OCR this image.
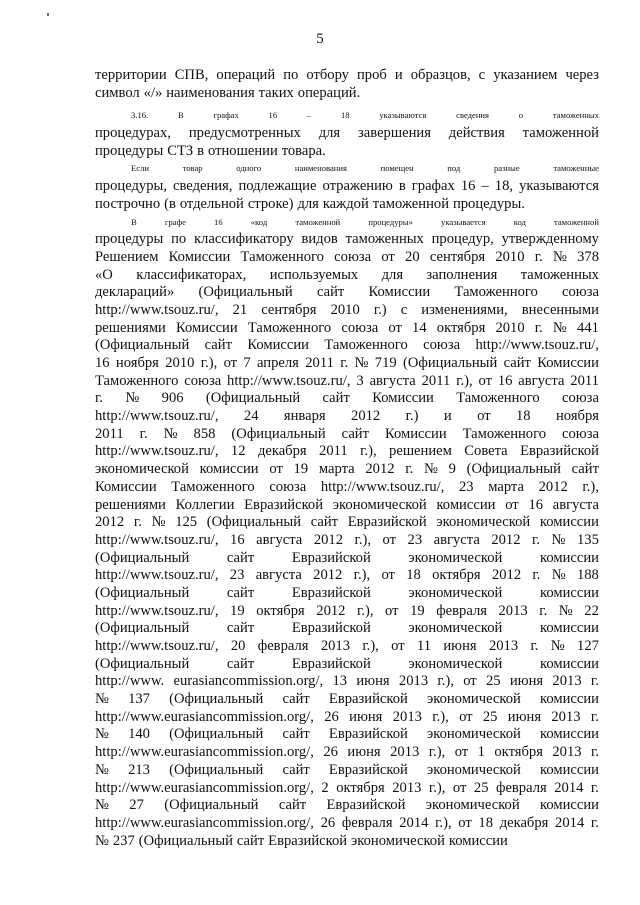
5

территории СПВ, операций по отбору проб и образцов, с указанием через
символ «/» наименования таких операций.

3.16.	В	графах	16	–	18	указываются	сведения	о	таможенных
процедурах, предусмотренных для завершения действия таможенной
процедуры СТЗ в отношении товара.

Если	товар	одного	наименования	помещен	под	разные	таможенные
процедуры, сведения, подлежащие отражению в графах 16 – 18, указываются
построчно (в отдельной строке) для каждой таможенной процедуры.

В	графе	16	«код	таможенной	процедуры»	указывается	код	таможенной
процедуры по классификатору видов таможенных процедур, утвержденному
Решением Комиссии Таможенного союза от 20 сентября 2010 г. № 378
«О классификаторах, используемых для заполнения таможенных
деклараций» (Официальный сайт Комиссии Таможенного союза
http://www.tsouz.ru/, 21 сентября 2010 г.) с изменениями, внесенными
решениями Комиссии Таможенного союза от 14 октября 2010 г. № 441
(Официальный сайт Комиссии Таможенного союза http://www.tsouz.ru/,
16 ноября 2010 г.), от 7 апреля 2011 г. № 719 (Официальный сайт Комиссии
Таможенного союза http://www.tsouz.ru/, 3 августа 2011 г.), от 16 августа 2011
г. № 906 (Официальный сайт Комиссии Таможенного союза
http://www.tsouz.ru/, 24 января 2012 г.) и от 18 ноября
2011 г. № 858 (Официальный сайт Комиссии Таможенного союза
http://www.tsouz.ru/, 12 декабря 2011 г.), решением Совета Евразийской
экономической комиссии от 19 марта 2012 г. № 9 (Официальный сайт
Комиссии Таможенного союза http://www.tsouz.ru/, 23 марта 2012 г.),
решениями Коллегии Евразийской экономической комиссии от 16 августа
2012 г. № 125 (Официальный сайт Евразийской экономической комиссии
http://www.tsouz.ru/, 16 августа 2012 г.), от 23 августа 2012 г. № 135
(Официальный	сайт	Евразийской	экономической	комиссии
http://www.tsouz.ru/, 23 августа 2012 г.), от 18 октября 2012 г. № 188
(Официальный	сайт	Евразийской	экономической	комиссии
http://www.tsouz.ru/, 19 октября 2012 г.), от 19 февраля 2013 г. № 22
(Официальный	сайт	Евразийской	экономической	комиссии
http://www.tsouz.ru/, 20 февраля 2013 г.), от 11 июня 2013 г. № 127
(Официальный	сайт	Евразийской	экономической	комиссии
http://www. eurasiancommission.org/, 13 июня 2013 г.), от 25 июня 2013 г.
№ 137 (Официальный сайт Евразийской экономической комиссии
http://www.eurasiancommission.org/, 26 июня 2013 г.), от 25 июня 2013 г.
№ 140 (Официальный сайт Евразийской экономической комиссии
http://www.eurasiancommission.org/, 26 июня 2013 г.), от 1 октября 2013 г.
№ 213 (Официальный сайт Евразийской экономической комиссии
http://www.eurasiancommission.org/, 2 октября 2013 г.), от 25 февраля 2014 г.
№ 27 (Официальный сайт Евразийской экономической комиссии
http://www.eurasiancommission.org/, 26 февраля 2014 г.), от 18 декабря 2014 г.
№ 237 (Официальный сайт Евразийской экономической комиссии
